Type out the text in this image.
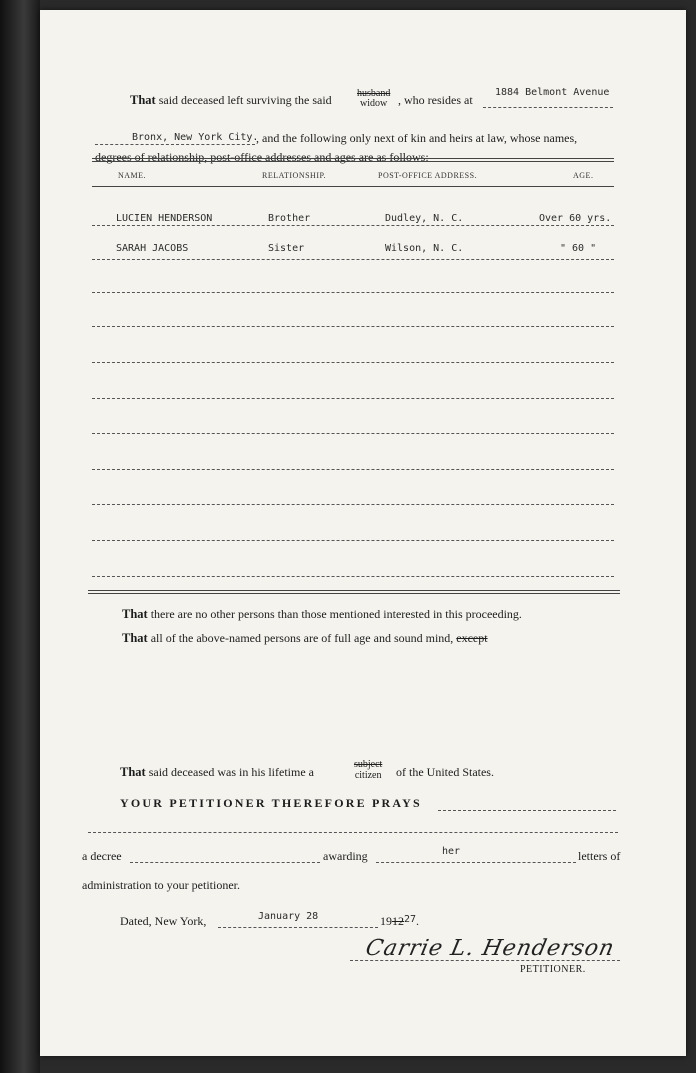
That said deceased left surviving the said	husband
widow , who resides at
1884 Belmont Avenue
Bronx, New York City.
, and the following only next of kin and heirs at law, whose names,
degrees of relationship, post-office addresses and ages are as follows:
NAME.	RELATIONSHIP.	POST-OFFICE ADDRESS.	AGE.
LUCIEN HENDERSON	Brother	Dudley, N. C.	Over 60 yrs.
SARAH JACOBS	Sister	Wilson, N. C.	" 60 "
That there are no other persons than those mentioned interested in this proceeding.
That all of the above-named persons are of full age and sound mind, except
That said deceased was in his lifetime a
subject
citizen of the United States.
YOUR PETITIONER THEREFORE PRAYS
a decree	awarding	her	letters of
administration to your petitioner.
Dated, New York,	January 28	1912$^{27}$.
Carrie L. Henderson
PETITIONER.
